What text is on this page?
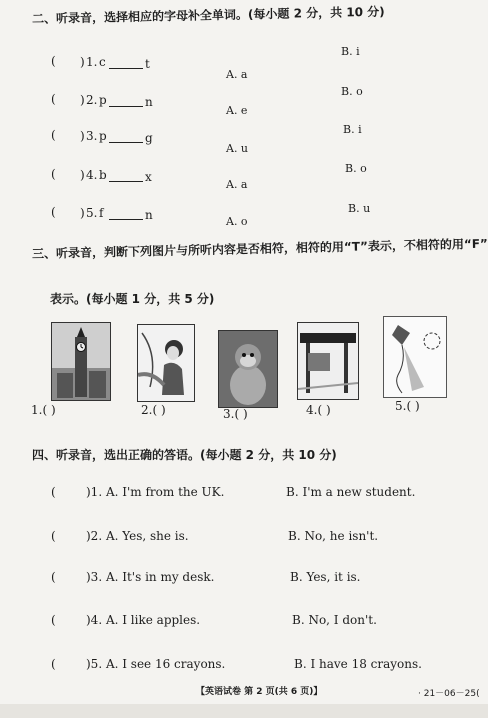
二、听录音，选择相应的字母补全单词。(每小题 2 分，共 10 分)
( ) 1. c	t
A. a
B. i
( ) 2. p	n
A. e
B. o
( ) 3. p	g
A. u
B. i
( ) 4. b	x
A. a
B. o
( ) 5. f	n	A. o
B. u
三、听录音，判断下列图片与所听内容是否相符，相符的用“T”表示，不相符的用“F”
表示。(每小题 1 分，共 5 分)
1.( )	2.( )	3.( )	4.( )	5.( )
四、听录音，选出正确的答语。(每小题 2 分，共 10 分)
(	)1. A. I'm from the UK.	B. I'm a new student.
(	)2. A. Yes, she is.	B. No, he isn't.
(	)3. A. It's in my desk.	B. Yes, it is.
(	)4. A. I like apples.	B. No, I don't.
(	)5. A. I see 16 crayons.	B. I have 18 crayons.
【英语试卷 第 2 页(共 6 页)】	· 21－06－25(
